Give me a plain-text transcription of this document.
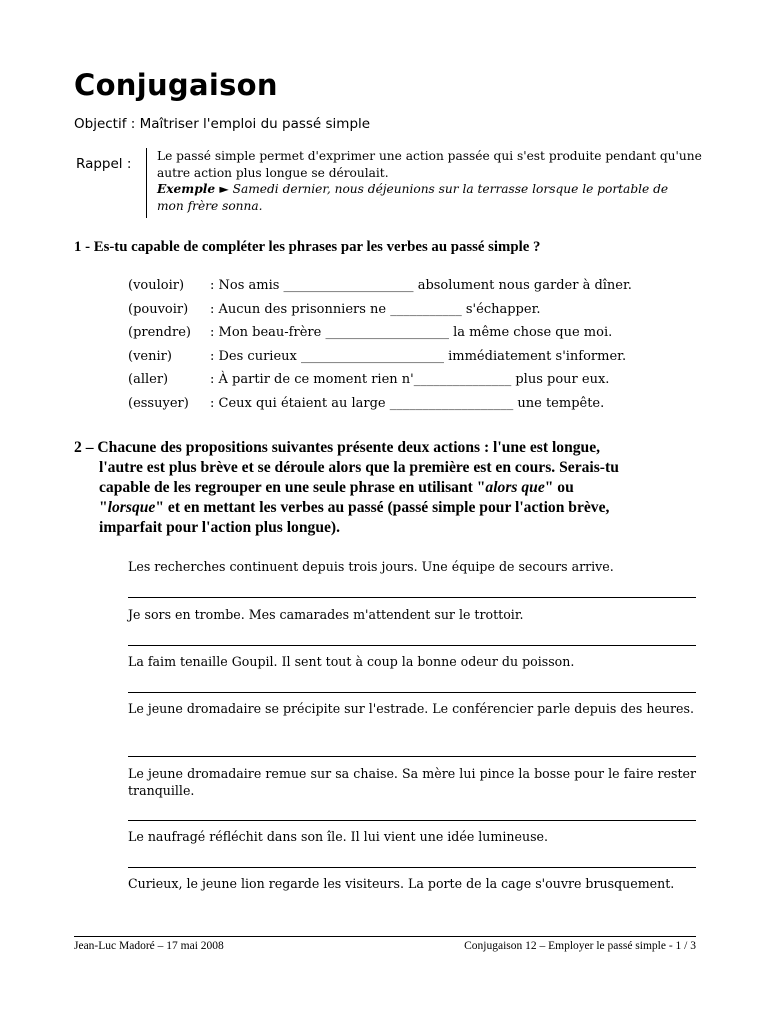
Conjugaison
Objectif : Maîtriser l'emploi du passé simple
Rappel : Le passé simple permet d'exprimer une action passée qui s'est produite pendant qu'une
autre action plus longue se déroulait.
Exemple ► Samedi dernier, nous déjeunions sur la terrasse lorsque le portable de
mon frère sonna.
1 - Es-tu capable de compléter les phrases par les verbes au passé simple ?
(vouloir) : Nos amis ____________________ absolument nous garder à dîner.
(pouvoir) : Aucun des prisonniers ne ___________ s'échapper.
(prendre) : Mon beau-frère ___________________ la même chose que moi.
(venir)	: Des curieux ______________________ immédiatement s'informer.
(aller)	: À partir de ce moment rien n'_______________ plus pour eux.
(essuyer) : Ceux qui étaient au large ___________________ une tempête.
2 – Chacune des propositions suivantes présente deux actions : l'une est longue,
l'autre est plus brève et se déroule alors que la première est en cours. Serais-tu
capable de les regrouper en une seule phrase en utilisant "alors que" ou
"lorsque" et en mettant les verbes au passé (passé simple pour l'action brève,
imparfait pour l'action plus longue).
Les recherches continuent depuis trois jours. Une équipe de secours arrive.
Je sors en trombe. Mes camarades m'attendent sur le trottoir.
La faim tenaille Goupil. Il sent tout à coup la bonne odeur du poisson.
Le jeune dromadaire se précipite sur l'estrade. Le conférencier parle depuis des heures.
Le jeune dromadaire remue sur sa chaise. Sa mère lui pince la bosse pour le faire rester tranquille.
Le naufragé réfléchit dans son île. Il lui vient une idée lumineuse.
Curieux, le jeune lion regarde les visiteurs. La porte de la cage s'ouvre brusquement.
Jean-Luc Madoré – 17 mai 2008	Conjugaison 12 – Employer le passé simple - 1 / 3
